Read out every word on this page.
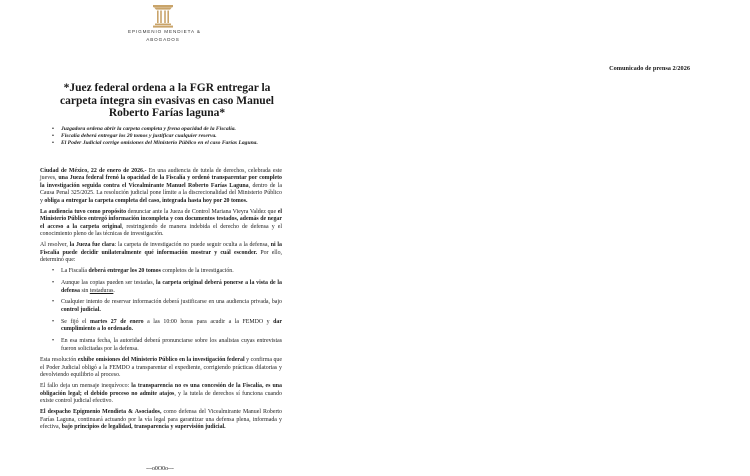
EPIGMENIO MENDIETA &
ABOGADOS
Comunicado de prensa 2/2026
*Juez federal ordena a la FGR entregar la carpeta íntegra sin evasivas en caso Manuel Roberto Farías laguna*
• Juzgadora ordena abrir la carpeta completa y frena opacidad de la Fiscalía.
• Fiscalía deberá entregar los 20 tomos y justificar cualquier reserva.
• El Poder Judicial corrige omisiones del Ministerio Público en el caso Farías Laguna.

Ciudad de México, 22 de enero de 2026.- En una audiencia de tutela de derechos, celebrada este jueves, una Jueza federal frenó la opacidad de la Fiscalía y ordenó transparentar por completo la investigación seguida contra el Vicealmirante Manuel Roberto Farías Laguna, dentro de la Causa Penal 325/2025. La resolución judicial pone límite a la discrecionalidad del Ministerio Público y obliga a entregar la carpeta completa del caso, integrada hasta hoy por 20 tomos.

La audiencia tuvo como propósito denunciar ante la Jueza de Control Mariana Vieyra Valdez que el Ministerio Público entregó información incompleta y con documentos testados, además de negar el acceso a la carpeta original, restringiendo de manera indebida el derecho de defensa y el conocimiento pleno de las técnicas de investigación.

Al resolver, la Jueza fue clara: la carpeta de investigación no puede seguir oculta a la defensa, ni la Fiscalía puede decidir unilateralmente qué información mostrar y cuál esconder. Por ello, determinó que:

• La Fiscalía deberá entregar los 20 tomos completos de la investigación.
• Aunque las copias pueden ser testadas, la carpeta original deberá ponerse a la vista de la defensa sin testaduras.
• Cualquier intento de reservar información deberá justificarse en una audiencia privada, bajo control judicial.
• Se fijó el martes 27 de enero a las 10:00 horas para acudir a la FEMDO y dar cumplimiento a lo ordenado.
• En esa misma fecha, la autoridad deberá pronunciarse sobre los analistas cuyas entrevistas fueron solicitadas por la defensa.

Esta resolución exhibe omisiones del Ministerio Público en la investigación federal y confirma que el Poder Judicial obligó a la FEMDO a transparentar el expediente, corrigiendo prácticas dilatorias y devolviendo equilibrio al proceso.

El fallo deja un mensaje inequívoco: la transparencia no es una concesión de la Fiscalía, es una obligación legal; el debido proceso no admite atajos, y la tutela de derechos sí funciona cuando existe control judicial efectivo.

El despacho Epigmenio Mendieta & Asociados, como defensa del Vicealmirante Manuel Roberto Farías Laguna, continuará actuando por la vía legal para garantizar una defensa plena, informada y efectiva, bajo principios de legalidad, transparencia y supervisión judicial.

---o0O0o---
